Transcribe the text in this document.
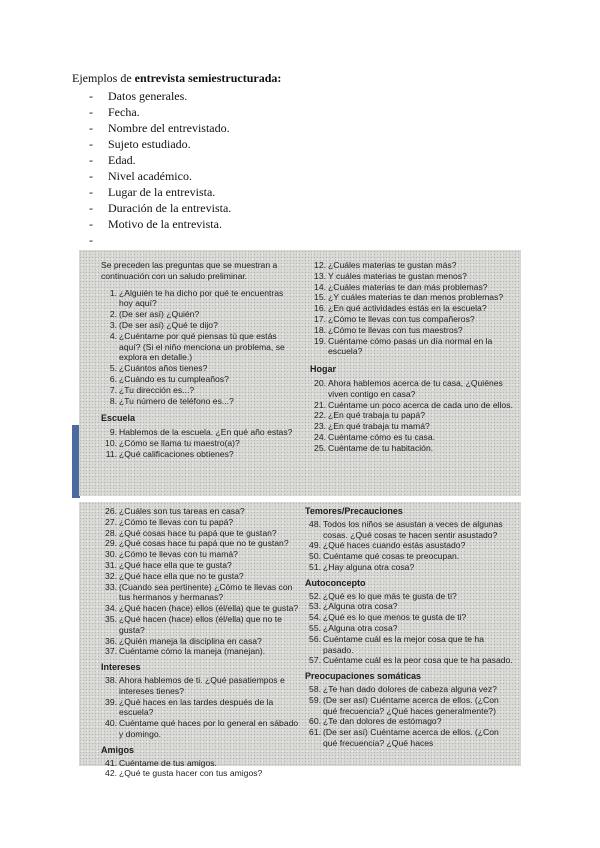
Ejemplos de entrevista semiestructurada:
- Datos generales.
- Fecha.
- Nombre del entrevistado.
- Sujeto estudiado.
- Edad.
- Nivel académico.
- Lugar de la entrevista.
- Duración de la entrevista.
- Motivo de la entrevista.
-

Se preceden las preguntas que se muestran a continuación con un saludo preliminar.

1. ¿Alguién te ha dicho por qué te encuentras hoy aquí?
2. (De ser así) ¿Quién?
3. (De ser así) ¿Qué te dijo?
4. ¿Cuéntame por qué piensas tú que estás aquí? (Si el niño menciona un problema, se explora en detalle.)
5. ¿Cuántos años tienes?
6. ¿Cuándo es tu cumpleaños?
7. ¿Tu dirección es...?
8. ¿Tu número de teléfono es...?
Escuela
9. Hablemos de la escuela. ¿En qué año estas?
10. ¿Cómo se llama tu maestro(a)?
11. ¿Qué calificaciones obtienes?
12. ¿Cuáles materias te gustan más?
13. Y cuáles materias te gustan menos?
14. ¿Cuáles materias te dan más problemas?
15. ¿Y cuáles materias te dan menos problemas?
16. ¿En qué actividades estás en la escuela?
17. ¿Cómo te llevas con tus compañeros?
18. ¿Cómo te llevas con tus maestros?
19. Cuéntame cómo pasas un día normal en la escuela?
Hogar
20. Ahora hablemos acerca de tu casa, ¿Quiénes viven contigo en casa?
21. Cuéntame un poco acerca de cada uno de ellos.
22. ¿En qué trabaja tu papá?
23. ¿En qué trabaja tu mamá?
24. Cuéntame cómo es tu casa.
25. Cuéntame de tu habitación.
26. ¿Cuáles son tus tareas en casa?
27. ¿Cómo te llevas con tu papá?
28. ¿Qué cosas hace tu papá que te gustan?
29. ¿Qué cosas hace tu papá que no te gustan?
30. ¿Cómo te llevas con tu mamá?
31. ¿Qué hace ella que te gusta?
32. ¿Qué hace ella que no te gusta?
33. (Cuando sea pertinente) ¿Cómo te llevas con tus hermanos y hermanas?
34. ¿Qué hacen (hace) ellos (él/ella) que te gusta?
35. ¿Qué hacen (hace) ellos (él/ella) que no te gusta?
36. ¿Quién maneja la disciplina en casa?
37. Cuéntame cómo la maneja (manejan).
Intereses
38. Ahora hablemos de ti. ¿Qué pasatiempos e intereses tienes?
39. ¿Qué haces en las tardes después de la escuela?
40. Cuéntame qué haces por lo general en sábado y domingo.
Amigos
41. Cuéntame de tus amigos.
42. ¿Qué te gusta hacer con tus amigos?
Temores/Precauciones
48. Todos los niños se asustan a veces de algunas cosas. ¿Qué cosas te hacen sentir asustado?
49. ¿Qué haces cuando estás asustado?
50. Cuéntame qué cosas te preocupan.
51. ¿Hay alguna otra cosa?
Autoconcepto
52. ¿Qué es lo que más te gusta de ti?
53. ¿Alguna otra cosa?
54. ¿Qué es lo que menos te gusta de ti?
55. ¿Alguna otra cosa?
56. Cuéntame cuál es la mejor cosa que te ha pasado.
57. Cuéntame cuál es la peor cosa que te ha pasado.
Preocupaciones somáticas
58. ¿Te han dado dolores de cabeza alguna vez?
59. (De ser así) Cuéntame acerca de ellos. (¿Con qué frecuencia? ¿Qué haces generalmente?)
60. ¿Te dan dolores de estómago?
61. (De ser así) Cuéntame acerca de ellos. (¿Con qué frecuencia? ¿Qué haces
